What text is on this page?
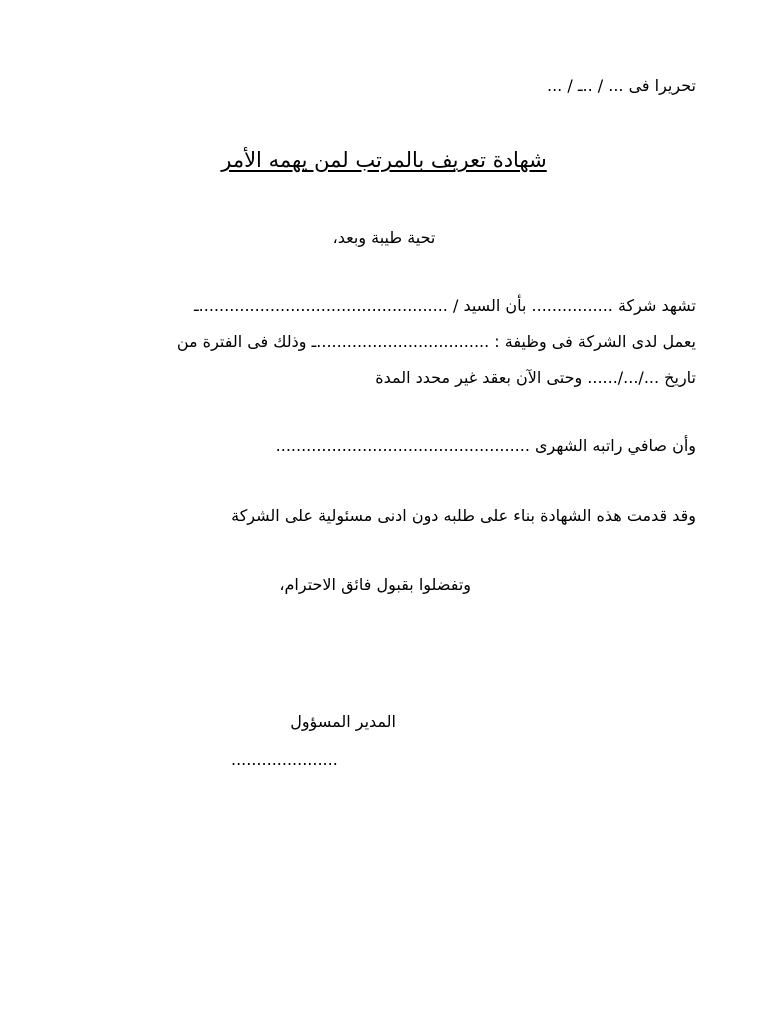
تحريرا فى ... / ..ـ / ...
شهادة تعريف بالمرتب لمن يهمه الأمر
تحية طيبة وبعد،
تشهد شركة ................ بأن السيد / .................................................ـ
يعمل لدى الشركة فى وظيفة : ..................................ـ وذلك فى الفترة من
تاريخ .../.../...... وحتى الآن بعقد غير محدد المدة
وأن صافي راتبه الشهرى ..................................................
وقد قدمت هذه الشهادة بناء على طلبه دون ادنى مسئولية على الشركة
وتفضلوا بقبول فائق الاحترام،
المدير المسؤول
.....................
